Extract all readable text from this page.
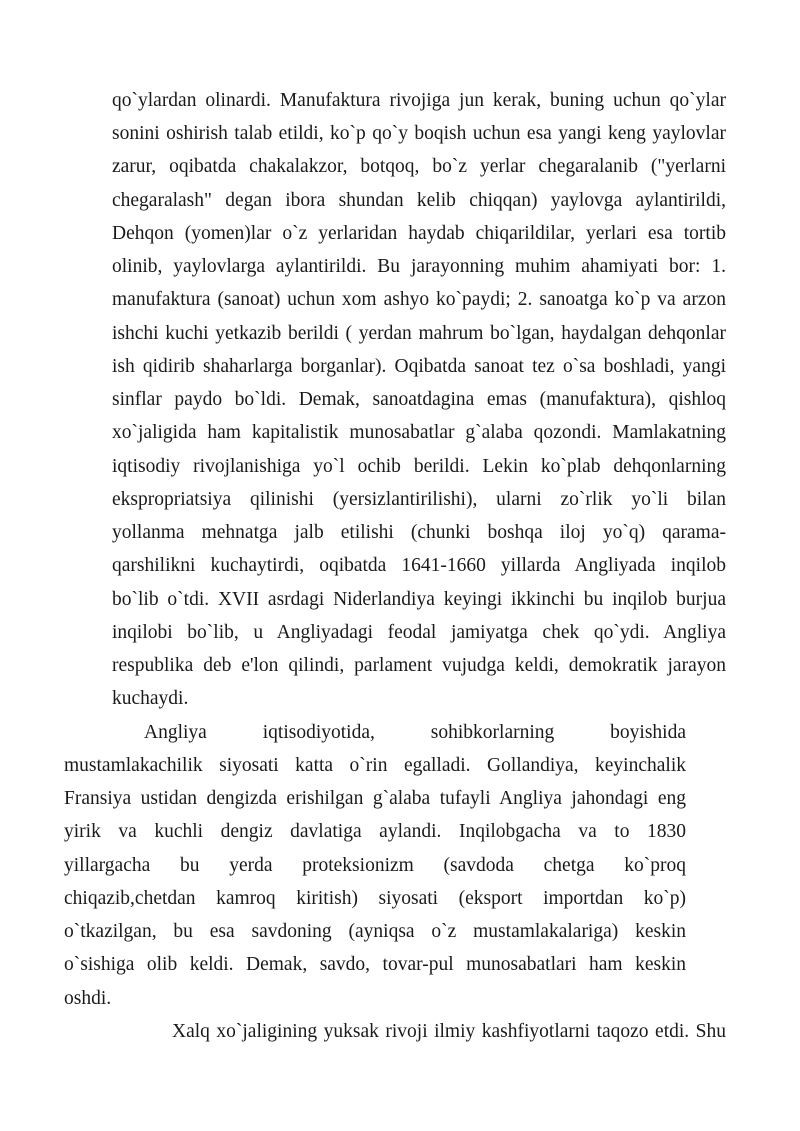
qo`ylardan olinardi. Manufaktura rivojiga jun kerak, buning uchun qo`ylar
sonini oshirish talab etildi, ko`p qo`y boqish uchun esa yangi keng yaylovlar
zarur, oqibatda chakalakzor, botqoq, bo`z yerlar chegaralanib ("yerlarni
chegaralash" degan ibora shundan kelib chiqqan) yaylovga aylantirildi,
Dehqon (yomen)lar o`z yerlaridan haydab chiqarildilar, yerlari esa tortib
olinib, yaylovlarga aylantirildi. Bu jarayonning muhim ahamiyati bor: 1.
manufaktura (sanoat) uchun xom ashyo ko`paydi; 2. sanoatga ko`p va arzon
ishchi kuchi yetkazib berildi ( yerdan mahrum bo`lgan, haydalgan dehqonlar
ish qidirib shaharlarga borganlar). Oqibatda sanoat tez o`sa boshladi, yangi
sinflar paydo bo`ldi. Demak, sanoatdagina emas (manufaktura), qishloq
xo`jaligida ham kapitalistik munosabatlar g`alaba qozondi. Mamlakatning
iqtisodiy rivojlanishiga yo`l ochib berildi. Lekin ko`plab dehqonlarning
ekspropriatsiya qilinishi (yersizlantirilishi), ularni zo`rlik yo`li bilan
yollanma mehnatga jalb etilishi (chunki boshqa iloj yo`q) qarama-
qarshilikni kuchaytirdi, oqibatda 1641-1660 yillarda Angliyada inqilob
bo`lib o`tdi. XVII asrdagi Niderlandiya keyingi ikkinchi bu inqilob burjua
inqilobi bo`lib, u Angliyadagi feodal jamiyatga chek qo`ydi. Angliya
respublika deb e'lon qilindi, parlament vujudga keldi, demokratik jarayon
kuchaydi.
Angliya iqtisodiyotida, sohibkorlarning boyishida
mustamlakachilik siyosati katta o`rin egalladi. Gollandiya, keyinchalik
Fransiya ustidan dengizda erishilgan g`alaba tufayli Angliya jahondagi eng
yirik va kuchli dengiz davlatiga aylandi. Inqilobgacha va to 1830
yillargacha bu yerda proteksionizm (savdoda chetga ko`proq
chiqazib,chetdan kamroq kiritish) siyosati (eksport importdan ko`p)
o`tkazilgan, bu esa savdoning (ayniqsa o`z mustamlakalariga) keskin
o`sishiga olib keldi. Demak, savdo, tovar-pul munosabatlari ham keskin
oshdi.
Xalq xo`jaligining yuksak rivoji ilmiy kashfiyotlarni taqozo etdi. Shu
